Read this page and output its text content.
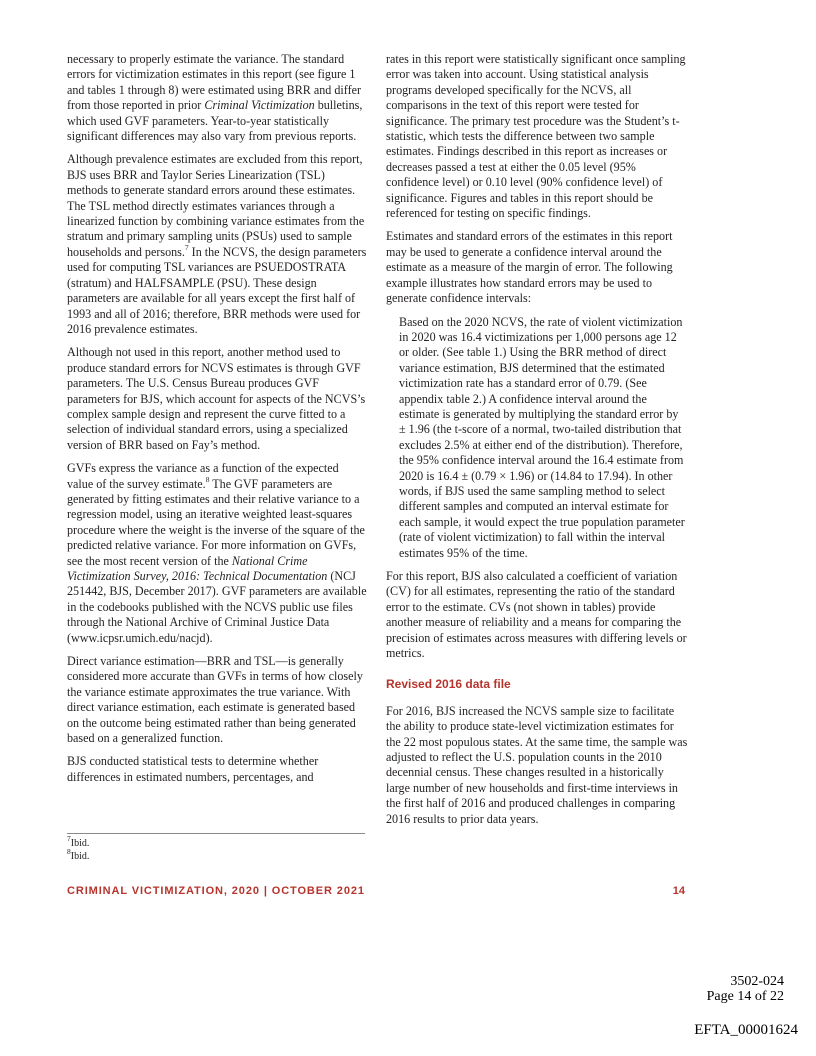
necessary to properly estimate the variance. The standard errors for victimization estimates in this report (see figure 1 and tables 1 through 8) were estimated using BRR and differ from those reported in prior Criminal Victimization bulletins, which used GVF parameters. Year-to-year statistically significant differences may also vary from previous reports.

Although prevalence estimates are excluded from this report, BJS uses BRR and Taylor Series Linearization (TSL) methods to generate standard errors around these estimates. The TSL method directly estimates variances through a linearized function by combining variance estimates from the stratum and primary sampling units (PSUs) used to sample households and persons.$^7$ In the NCVS, the design parameters used for computing TSL variances are PSUEDOSTRATA (stratum) and HALFSAMPLE (PSU). These design parameters are available for all years except the first half of 1993 and all of 2016; therefore, BRR methods were used for 2016 prevalence estimates.

Although not used in this report, another method used to produce standard errors for NCVS estimates is through GVF parameters. The U.S. Census Bureau produces GVF parameters for BJS, which account for aspects of the NCVS’s complex sample design and represent the curve fitted to a selection of individual standard errors, using a specialized version of BRR based on Fay’s method.

GVFs express the variance as a function of the expected value of the survey estimate.$^8$ The GVF parameters are generated by fitting estimates and their relative variance to a regression model, using an iterative weighted least-squares procedure where the weight is the inverse of the square of the predicted relative variance. For more information on GVFs, see the most recent version of the National Crime Victimization Survey, 2016: Technical Documentation (NCJ 251442, BJS, December 2017). GVF parameters are available in the codebooks published with the NCVS public use files through the National Archive of Criminal Justice Data (www.icpsr.umich.edu/nacjd).

Direct variance estimation—BRR and TSL—is generally considered more accurate than GVFs in terms of how closely the variance estimate approximates the true variance. With direct variance estimation, each estimate is generated based on the outcome being estimated rather than being generated based on a generalized function.

BJS conducted statistical tests to determine whether differences in estimated numbers, percentages, and

rates in this report were statistically significant once sampling error was taken into account. Using statistical analysis programs developed specifically for the NCVS, all comparisons in the text of this report were tested for significance. The primary test procedure was the Student’s t-statistic, which tests the difference between two sample estimates. Findings described in this report as increases or decreases passed a test at either the 0.05 level (95% confidence level) or 0.10 level (90% confidence level) of significance. Figures and tables in this report should be referenced for testing on specific findings.

Estimates and standard errors of the estimates in this report may be used to generate a confidence interval around the estimate as a measure of the margin of error. The following example illustrates how standard errors may be used to generate confidence intervals:

Based on the 2020 NCVS, the rate of violent victimization in 2020 was 16.4 victimizations per 1,000 persons age 12 or older. (See table 1.) Using the BRR method of direct variance estimation, BJS determined that the estimated victimization rate has a standard error of 0.79. (See appendix table 2.) A confidence interval around the estimate is generated by multiplying the standard error by ± 1.96 (the t-score of a normal, two-tailed distribution that excludes 2.5% at either end of the distribution). Therefore, the 95% confidence interval around the 16.4 estimate from 2020 is 16.4 ± (0.79 × 1.96) or (14.84 to 17.94). In other words, if BJS used the same sampling method to select different samples and computed an interval estimate for each sample, it would expect the true population parameter (rate of violent victimization) to fall within the interval estimates 95% of the time.

For this report, BJS also calculated a coefficient of variation (CV) for all estimates, representing the ratio of the standard error to the estimate. CVs (not shown in tables) provide another measure of reliability and a means for comparing the precision of estimates across measures with differing levels or metrics.

Revised 2016 data file

For 2016, BJS increased the NCVS sample size to facilitate the ability to produce state-level victimization estimates for the 22 most populous states. At the same time, the sample was adjusted to reflect the U.S. population counts in the 2010 decennial census. These changes resulted in a historically large number of new households and first-time interviews in the first half of 2016 and produced challenges in comparing 2016 results to prior data years.

$^7$Ibid.
$^8$Ibid.
CRIMINAL VICTIMIZATION, 2020 | OCTOBER 2021	14
3502-024
Page 14 of 22
EFTA_00001624
